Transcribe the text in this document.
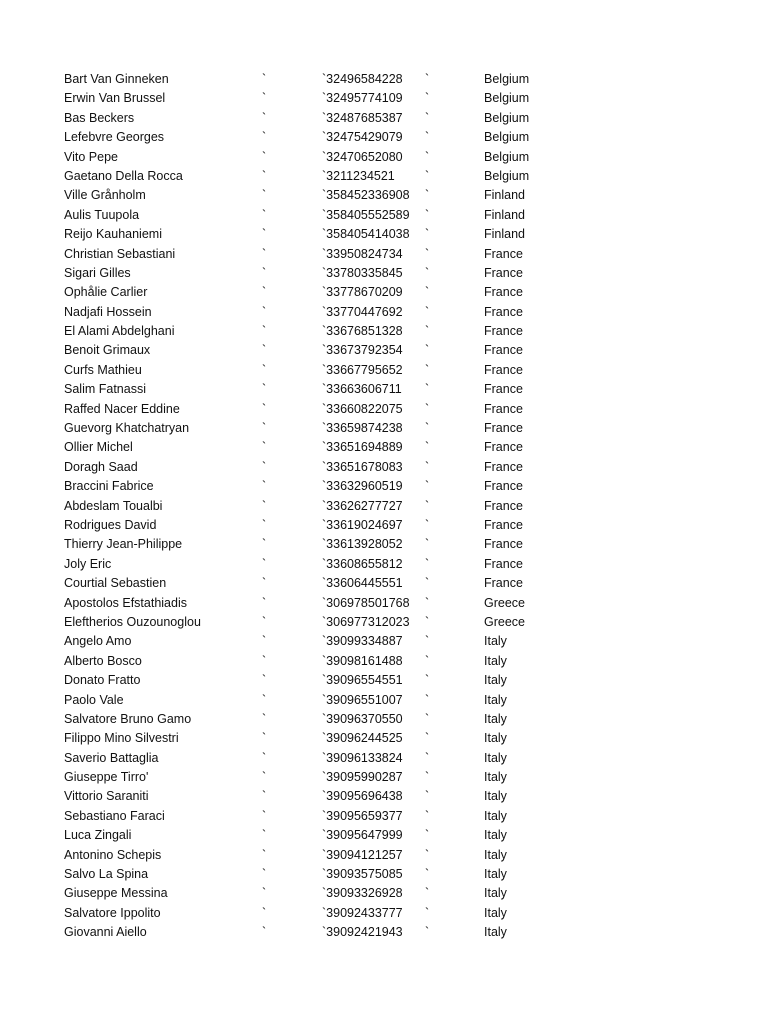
Bart Van Ginneken	`	`32496584228 `	Belgium
Erwin Van Brussel	`	`32495774109 `	Belgium
Bas Beckers	`	`32487685387 `	Belgium
Lefebvre Georges	`	`32475429079 `	Belgium
Vito Pepe	`	`32470652080 `	Belgium
Gaetano Della Rocca	`	`3211234521 `	Belgium
Ville Grånholm	`	`358452336908 `	Finland
Aulis Tuupola	`	`358405552589 `	Finland
Reijo Kauhaniemi	`	`358405414038 `	Finland
Christian Sebastiani	`	`33950824734 `	France
Sigari Gilles	`	`33780335845 `	France
Ophålie Carlier	`	`33778670209 `	France
Nadjafi Hossein	`	`33770447692 `	France
El Alami Abdelghani	`	`33676851328 `	France
Benoit Grimaux	`	`33673792354 `	France
Curfs Mathieu	`	`33667795652 `	France
Salim Fatnassi	`	`33663606711 `	France
Raffed Nacer Eddine	`	`33660822075 `	France
Guevorg Khatchatryan	`	`33659874238 `	France
Ollier Michel	`	`33651694889 `	France
Doragh Saad	`	`33651678083 `	France
Braccini Fabrice	`	`33632960519 `	France
Abdeslam Toualbi	`	`33626277727 `	France
Rodrigues David	`	`33619024697 `	France
Thierry Jean-Philippe	`	`33613928052 `	France
Joly Eric	`	`33608655812 `	France
Courtial Sebastien	`	`33606445551 `	France
Apostolos Efstathiadis	`	`306978501768 `	Greece
Eleftherios Ouzounoglou	`	`306977312023 `	Greece
Angelo Amo	`	`39099334887 `	Italy
Alberto Bosco	`	`39098161488 `	Italy
Donato Fratto	`	`39096554551 `	Italy
Paolo Vale	`	`39096551007 `	Italy
Salvatore Bruno Gamo	`	`39096370550 `	Italy
Filippo Mino Silvestri	`	`39096244525 `	Italy
Saverio Battaglia	`	`39096133824 `	Italy
Giuseppe Tirro'	`	`39095990287 `	Italy
Vittorio Saraniti	`	`39095696438 `	Italy
Sebastiano Faraci	`	`39095659377 `	Italy
Luca Zingali	`	`39095647999 `	Italy
Antonino Schepis	`	`39094121257 `	Italy
Salvo La Spina	`	`39093575085 `	Italy
Giuseppe Messina	`	`39093326928 `	Italy
Salvatore Ippolito	`	`39092433777 `	Italy
Giovanni Aiello	`	`39092421943 `	Italy
